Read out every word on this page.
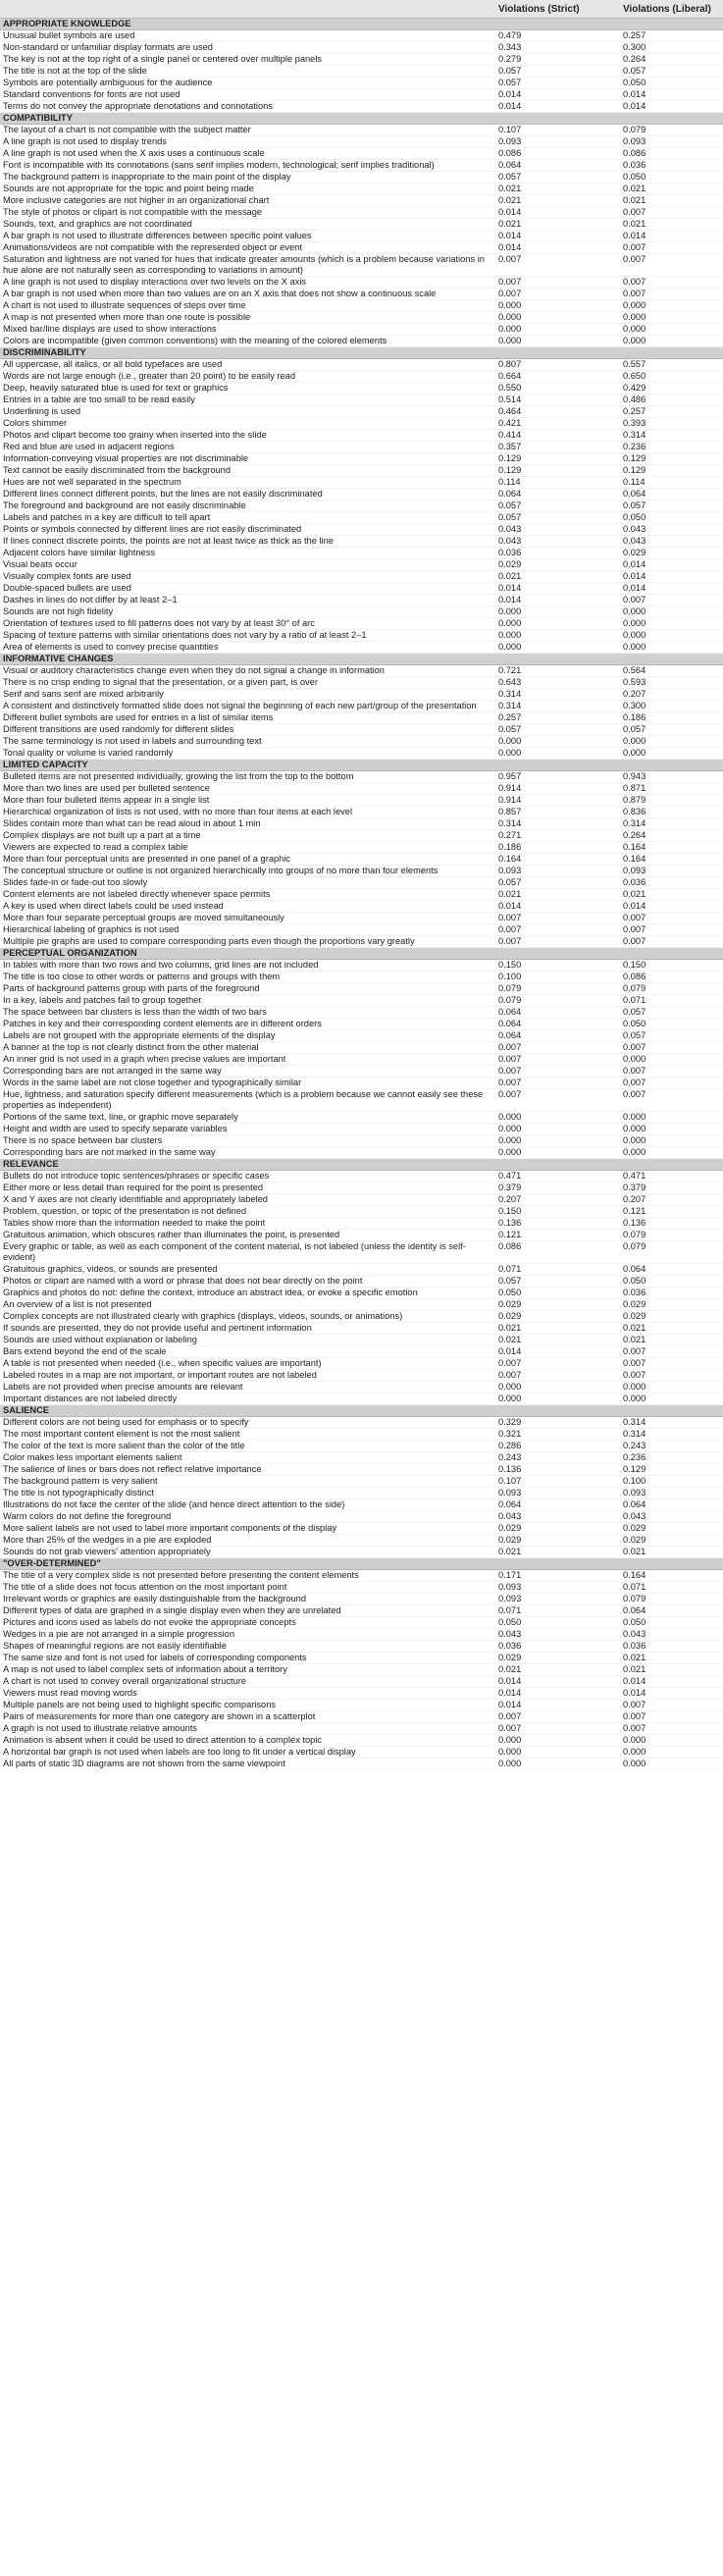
	Violations (Strict)	Violations (Liberal)
APPROPRIATE KNOWLEDGE		
Unusual bullet symbols are used	0.479	0.257
Non-standard or unfamiliar display formats are used	0.343	0.300
The key is not at the top right of a single panel or centered over multiple panels	0.279	0.264
The title is not at the top of the slide	0.057	0.057
Symbols are potentially ambiguous for the audience	0.057	0.050
Standard conventions for fonts are not used	0.014	0.014
Terms do not convey the appropriate denotations and connotations	0.014	0.014
COMPATIBILITY		
The layout of a chart is not compatible with the subject matter	0.107	0.079
A line graph is not used to display trends	0.093	0.093
A line graph is not used when the X axis uses a continuous scale	0.086	0.086
Font is incompatible with its connotations (sans serif implies modern, technological; serif implies traditional)	0.064	0.036
The background pattern is inappropriate to the main point of the display	0.057	0.050
Sounds are not appropriate for the topic and point being made	0.021	0.021
More inclusive categories are not higher in an organizational chart	0.021	0.021
The style of photos or clipart is not compatible with the message	0.014	0.007
Sounds, text, and graphics are not coordinated	0.021	0.021
A bar graph is not used to illustrate differences between specific point values	0.014	0.014
Animations/videos are not compatible with the represented object or event	0.014	0.007
Saturation and lightness are not varied for hues that indicate greater amounts (which is a problem because variations in hue alone are not naturally seen as corresponding to variations in amount)	0.007	0.007
A line graph is not used to display interactions over two levels on the X axis	0.007	0.007
A bar graph is not used when more than two values are on an X axis that does not show a continuous scale	0.007	0.007
A chart is not used to illustrate sequences of steps over time	0.000	0.000
A map is not presented when more than one route is possible	0.000	0.000
Mixed bar/line displays are used to show interactions	0.000	0.000
Colors are incompatible (given common conventions) with the meaning of the colored elements	0.000	0.000
DISCRIMINABILITY		
All uppercase, all italics, or all bold typefaces are used	0.807	0.557
Words are not large enough (i.e., greater than 20 point) to be easily read	0.664	0.650
Deep, heavily saturated blue is used for text or graphics	0.550	0.429
Entries in a table are too small to be read easily	0.514	0.486
Underlining is used	0.464	0.257
Colors shimmer	0.421	0.393
Photos and clipart become too grainy when inserted into the slide	0.414	0.314
Red and blue are used in adjacent regions	0.357	0.236
Information-conveying visual properties are not discriminable	0.129	0.129
Text cannot be easily discriminated from the background	0.129	0.129
Hues are not well separated in the spectrum	0.114	0.114
Different lines connect different points, but the lines are not easily discriminated	0.064	0.064
The foreground and background are not easily discriminable	0.057	0.057
Labels and patches in a key are difficult to tell apart	0.057	0.050
Points or symbols connected by different lines are not easily discriminated	0.043	0.043
If lines connect discrete points, the points are not at least twice as thick as the line	0.043	0.043
Adjacent colors have similar lightness	0.036	0.029
Visual beats occur	0.029	0.014
Visually complex fonts are used	0.021	0.014
Double-spaced bullets are used	0.014	0.014
Dashes in lines do not differ by at least 2–1	0.014	0.007
Sounds are not high fidelity	0.000	0.000
Orientation of textures used to fill patterns does not vary by at least 30° of arc	0.000	0.000
Spacing of texture patterns with similar orientations does not vary by a ratio of at least 2–1	0.000	0.000
Area of elements is used to convey precise quantities	0.000	0.000
INFORMATIVE CHANGES		
Visual or auditory characteristics change even when they do not signal a change in information	0.721	0.564
There is no crisp ending to signal that the presentation, or a given part, is over	0.643	0.593
Serif and sans serif are mixed arbitrarily	0.314	0.207
A consistent and distinctively formatted slide does not signal the beginning of each new part/group of the presentation	0.314	0.300
Different bullet symbols are used for entries in a list of similar items	0.257	0.186
Different transitions are used randomly for different slides	0.057	0.057
The same terminology is not used in labels and surrounding text	0.000	0.000
Tonal quality or volume is varied randomly	0.000	0.000
LIMITED CAPACITY		
Bulleted items are not presented individually, growing the list from the top to the bottom	0.957	0.943
More than two lines are used per bulleted sentence	0.914	0.871
More than four bulleted items appear in a single list	0.914	0.879
Hierarchical organization of lists is not used, with no more than four items at each level	0.857	0.836
Slides contain more than what can be read aloud in about 1 min	0.314	0.314
Complex displays are not built up a part at a time	0.271	0.264
Viewers are expected to read a complex table	0.186	0.164
More than four perceptual units are presented in one panel of a graphic	0.164	0.164
The conceptual structure or outline is not organized hierarchically into groups of no more than four elements	0.093	0.093
Slides fade-in or fade-out too slowly	0.057	0.036
Content elements are not labeled directly whenever space permits	0.021	0.021
A key is used when direct labels could be used instead	0.014	0.014
More than four separate perceptual groups are moved simultaneously	0.007	0.007
Hierarchical labeling of graphics is not used	0.007	0.007
Multiple pie graphs are used to compare corresponding parts even though the proportions vary greatly	0.007	0.007
PERCEPTUAL ORGANIZATION		
In tables with more than two rows and two columns, grid lines are not included	0.150	0.150
The title is too close to other words or patterns and groups with them	0.100	0.086
Parts of background patterns group with parts of the foreground	0.079	0.079
In a key, labels and patches fail to group together	0.079	0.071
The space between bar clusters is less than the width of two bars	0.064	0.057
Patches in key and their corresponding content elements are in different orders	0.064	0.050
Labels are not grouped with the appropriate elements of the display	0.064	0.057
A banner at the top is not clearly distinct from the other material	0.007	0.007
An inner grid is not used in a graph when precise values are important	0.007	0.000
Corresponding bars are not arranged in the same way	0.007	0.007
Words in the same label are not close together and typographically similar	0.007	0.007
Hue, lightness, and saturation specify different measurements (which is a problem because we cannot easily see these properties as independent)	0.007	0.007
Portions of the same text, line, or graphic move separately	0.000	0.000
Height and width are used to specify separate variables	0.000	0.000
There is no space between bar clusters	0.000	0.000
Corresponding bars are not marked in the same way	0.000	0.000
RELEVANCE		
Bullets do not introduce topic sentences/phrases or specific cases	0.471	0.471
Either more or less detail than required for the point is presented	0.379	0.379
X and Y axes are not clearly identifiable and appropriately labeled	0.207	0.207
Problem, question, or topic of the presentation is not defined	0.150	0.121
Tables show more than the information needed to make the point	0.136	0.136
Gratuitous animation, which obscures rather than illuminates the point, is presented	0.121	0.079
Every graphic or table, as well as each component of the content material, is not labeled (unless the identity is self-evident)	0.086	0.079
Gratuitous graphics, videos, or sounds are presented	0.071	0.064
Photos or clipart are named with a word or phrase that does not bear directly on the point	0.057	0.050
Graphics and photos do not: define the context, introduce an abstract idea, or evoke a specific emotion	0.050	0.036
An overview of a list is not presented	0.029	0.029
Complex concepts are not illustrated clearly with graphics (displays, videos, sounds, or animations)	0.029	0.029
If sounds are presented, they do not provide useful and pertinent information	0.021	0.021
Sounds are used without explanation or labeling	0.021	0.021
Bars extend beyond the end of the scale	0.014	0.007
A table is not presented when needed (i.e., when specific values are important)	0.007	0.007
Labeled routes in a map are not important, or important routes are not labeled	0.007	0.007
Labels are not provided when precise amounts are relevant	0.000	0.000
Important distances are not labeled directly	0.000	0.000
SALIENCE		
Different colors are not being used for emphasis or to specify	0.329	0.314
The most important content element is not the most salient	0.321	0.314
The color of the text is more salient than the color of the title	0.286	0.243
Color makes less important elements salient	0.243	0.236
The salience of lines or bars does not reflect relative importance	0.136	0.129
The background pattern is very salient	0.107	0.100
The title is not typographically distinct	0.093	0.093
Illustrations do not face the center of the slide (and hence direct attention to the side)	0.064	0.064
Warm colors do not define the foreground	0.043	0.043
More salient labels are not used to label more important components of the display	0.029	0.029
More than 25% of the wedges in a pie are exploded	0.029	0.029
Sounds do not grab viewers' attention appropriately	0.021	0.021
"OVER-DETERMINED"		
The title of a very complex slide is not presented before presenting the content elements	0.171	0.164
The title of a slide does not focus attention on the most important point	0.093	0.071
Irrelevant words or graphics are easily distinguishable from the background	0.093	0.079
Different types of data are graphed in a single display even when they are unrelated	0.071	0.064
Pictures and icons used as labels do not evoke the appropriate concepts	0.050	0.050
Wedges in a pie are not arranged in a simple progression	0.043	0.043
Shapes of meaningful regions are not easily identifiable	0.036	0.036
The same size and font is not used for labels of corresponding components	0.029	0.021
A map is not used to label complex sets of information about a territory	0.021	0.021
A chart is not used to convey overall organizational structure	0.014	0.014
Viewers must read moving words	0.014	0.014
Multiple panels are not being used to highlight specific comparisons	0.014	0.007
Pairs of measurements for more than one category are shown in a scatterplot	0.007	0.007
A graph is not used to illustrate relative amounts	0.007	0.007
Animation is absent when it could be used to direct attention to a complex topic	0.000	0.000
A horizontal bar graph is not used when labels are too long to fit under a vertical display	0.000	0.000
All parts of static 3D diagrams are not shown from the same viewpoint	0.000	0.000
